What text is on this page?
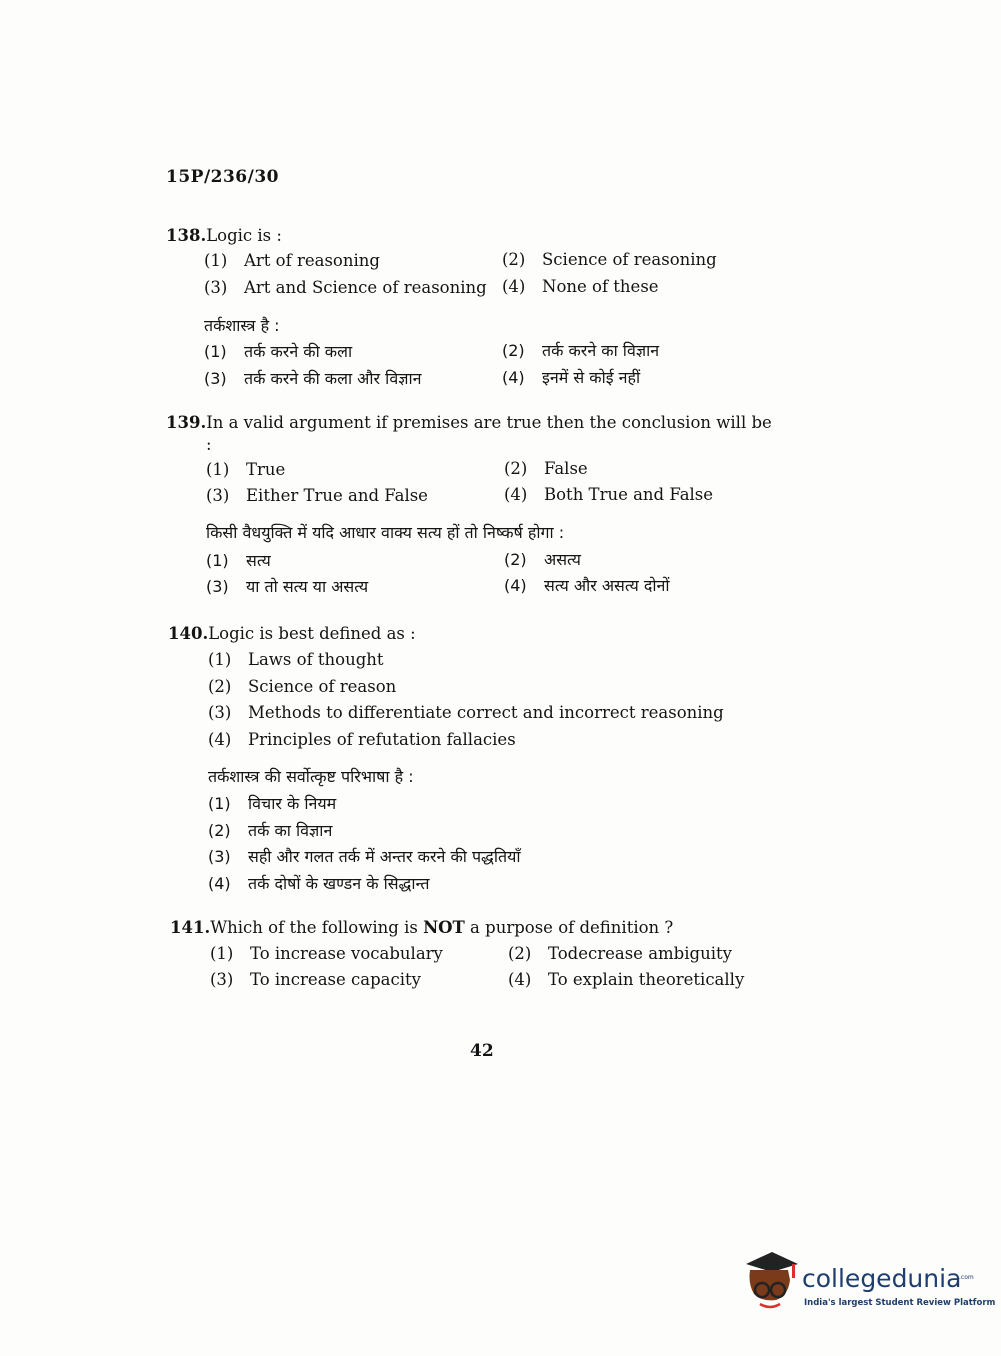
15P/236/30
138.Logic is :
(1) Art of reasoning	(2) Science of reasoning
(3) Art and Science of reasoning (4) None of these
तर्कशास्त्र है :
(1) तर्क करने की कला	(2) तर्क करने का विज्ञान
(3) तर्क करने की कला और विज्ञान	(4) इनमें से कोई नहीं
139.In a valid argument if premises are true then the conclusion will be
:
(1) True	(2) False
(3) Either True and False	(4) Both True and False
किसी वैधयुक्ति में यदि आधार वाक्य सत्य हों तो निष्कर्ष होगा :
(1) सत्य	(2) असत्य
(3) या तो सत्य या असत्य	(4) सत्य और असत्य दोनों
140.Logic is best defined as :
(1) Laws of thought
(2) Science of reason
(3) Methods to differentiate correct and incorrect reasoning
(4) Principles of refutation fallacies
तर्कशास्त्र की सर्वोत्कृष्ट परिभाषा है :
(1) विचार के नियम
(2) तर्क का विज्ञान
(3) सही और गलत तर्क में अन्तर करने की पद्धतियाँ
(4) तर्क दोषों के खण्डन के सिद्धान्त
141.Which of the following is NOT a purpose of definition ?
(1) To increase vocabulary	(2) Todecrease ambiguity
(3) To increase capacity	(4) To explain theoretically
42
collegedunia
.com
India's largest Student Review Platform
